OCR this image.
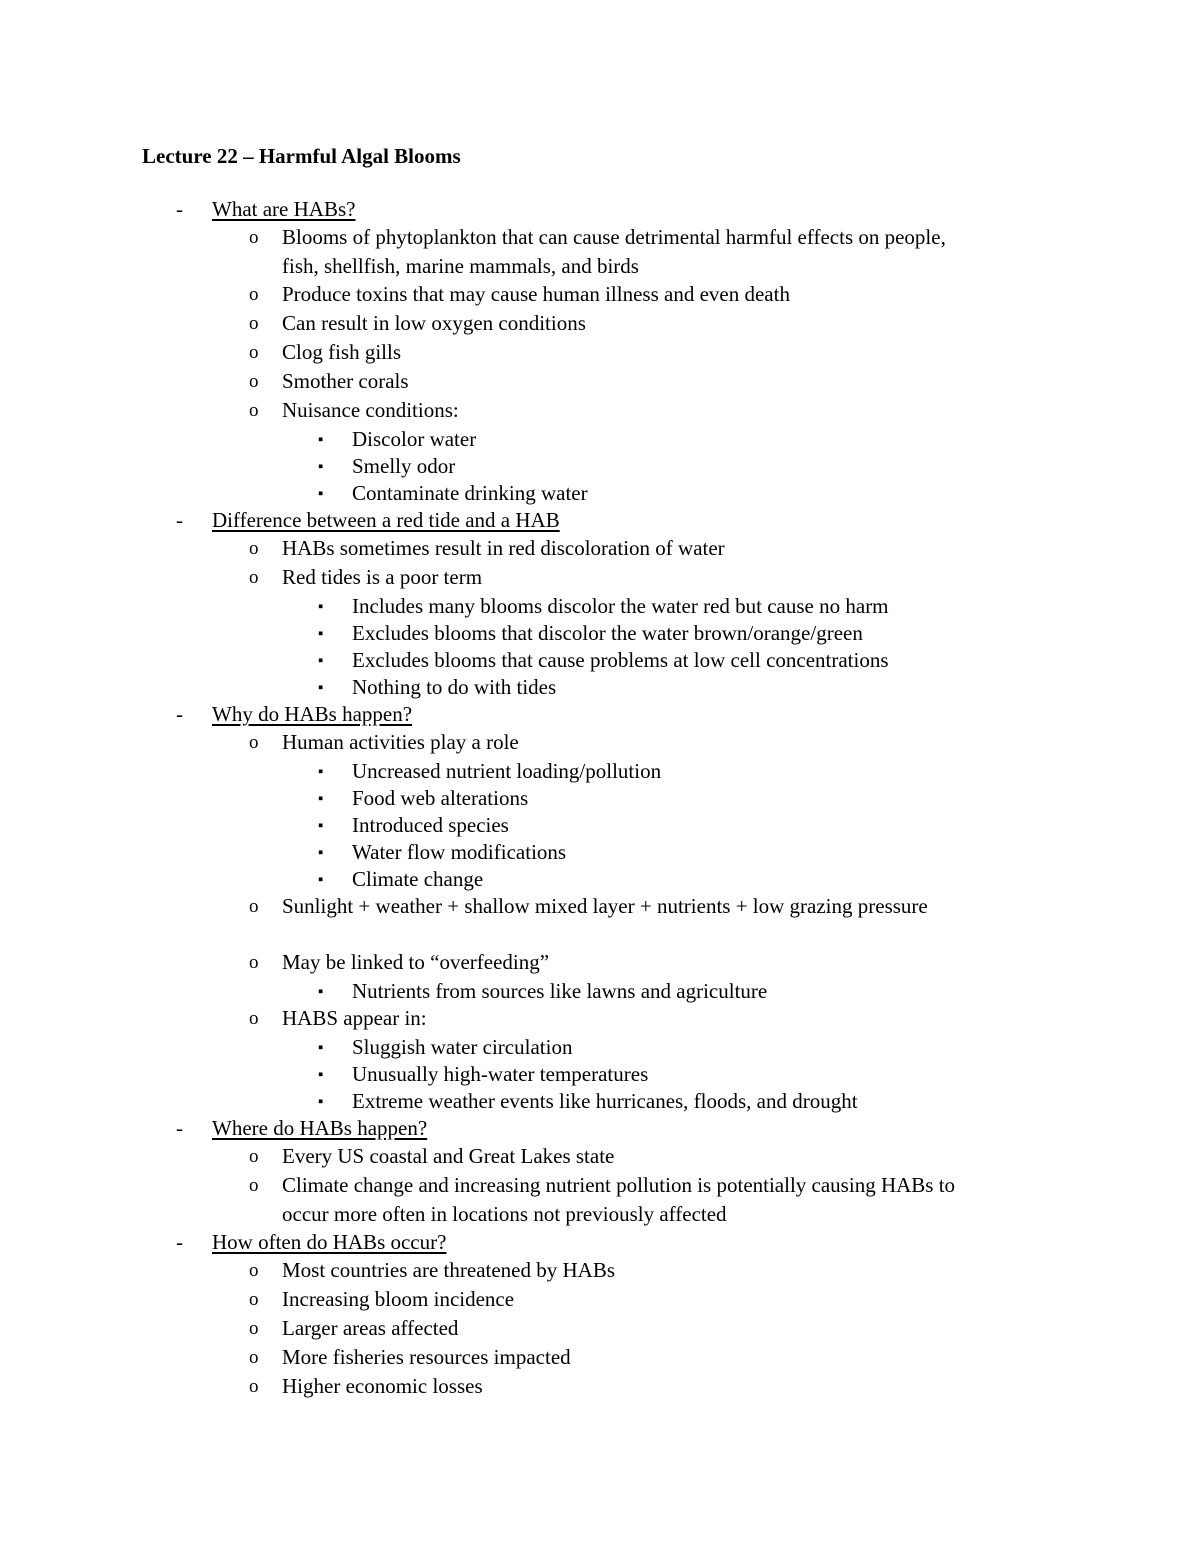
Lecture 22 – Harmful Algal Blooms
- What are HABs?
o Blooms of phytoplankton that can cause detrimental harmful effects on people,
fish, shellfish, marine mammals, and birds
o Produce toxins that may cause human illness and even death
o Can result in low oxygen conditions
o Clog fish gills
o Smother corals
o Nuisance conditions:
▪ Discolor water
▪ Smelly odor
▪ Contaminate drinking water
- Difference between a red tide and a HAB
o HABs sometimes result in red discoloration of water
o Red tides is a poor term
▪ Includes many blooms discolor the water red but cause no harm
▪ Excludes blooms that discolor the water brown/orange/green
▪ Excludes blooms that cause problems at low cell concentrations
▪ Nothing to do with tides
- Why do HABs happen?
o Human activities play a role
▪ Uncreased nutrient loading/pollution
▪ Food web alterations
▪ Introduced species
▪ Water flow modifications
▪ Climate change
o Sunlight + weather + shallow mixed layer + nutrients + low grazing pressure
o May be linked to “overfeeding”
▪ Nutrients from sources like lawns and agriculture
o HABS appear in:
▪ Sluggish water circulation
▪ Unusually high-water temperatures
▪ Extreme weather events like hurricanes, floods, and drought
- Where do HABs happen?
o Every US coastal and Great Lakes state
o Climate change and increasing nutrient pollution is potentially causing HABs to
occur more often in locations not previously affected
- How often do HABs occur?
o Most countries are threatened by HABs
o Increasing bloom incidence
o Larger areas affected
o More fisheries resources impacted
o Higher economic losses
